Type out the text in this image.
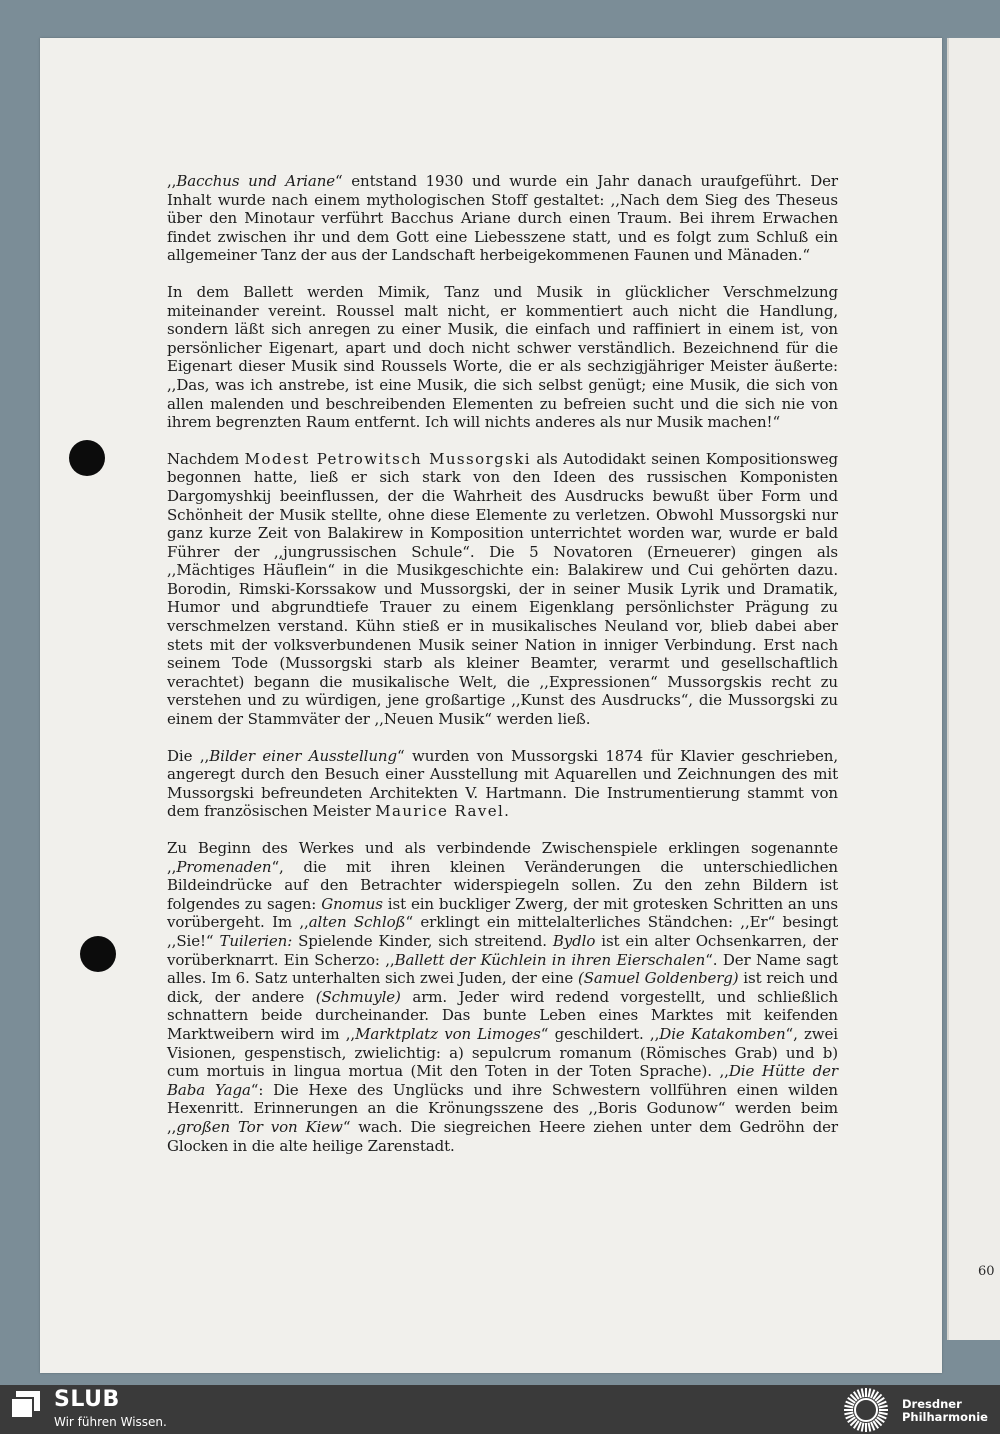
60

,,Bacchus und Ariane“ entstand 1930 und wurde ein Jahr danach uraufgeführt. Der Inhalt wurde nach einem mythologischen Stoff gestaltet: ,,Nach dem Sieg des Theseus über den Minotaur verführt Bacchus Ariane durch einen Traum. Bei ihrem Erwachen findet zwischen ihr und dem Gott eine Liebesszene statt, und es folgt zum Schluß ein allgemeiner Tanz der aus der Landschaft herbeigekommenen Faunen und Mänaden.“

In dem Ballett werden Mimik, Tanz und Musik in glücklicher Verschmelzung miteinander vereint. Roussel malt nicht, er kommentiert auch nicht die Handlung, sondern läßt sich anregen zu einer Musik, die einfach und raffiniert in einem ist, von persönlicher Eigenart, apart und doch nicht schwer verständlich. Bezeichnend für die Eigenart dieser Musik sind Roussels Worte, die er als sechzigjähriger Meister äußerte: ,,Das, was ich anstrebe, ist eine Musik, die sich selbst genügt; eine Musik, die sich von allen malenden und beschreibenden Elementen zu befreien sucht und die sich nie von ihrem begrenzten Raum entfernt. Ich will nichts anderes als nur Musik machen!“

Nachdem Modest Petrowitsch Mussorgski als Autodidakt seinen Kompositionsweg begonnen hatte, ließ er sich stark von den Ideen des russischen Komponisten Dargomyshkij beeinflussen, der die Wahrheit des Ausdrucks bewußt über Form und Schönheit der Musik stellte, ohne diese Elemente zu verletzen. Obwohl Mussorgski nur ganz kurze Zeit von Balakirew in Komposition unterrichtet worden war, wurde er bald Führer der ,,jungrussischen Schule“. Die 5 Novatoren (Erneuerer) gingen als ,,Mächtiges Häuflein“ in die Musikgeschichte ein: Balakirew und Cui gehörten dazu. Borodin, Rimski-Korssakow und Mussorgski, der in seiner Musik Lyrik und Dramatik, Humor und abgrundtiefe Trauer zu einem Eigenklang persönlichster Prägung zu verschmelzen verstand. Kühn stieß er in musikalisches Neuland vor, blieb dabei aber stets mit der volksverbundenen Musik seiner Nation in inniger Verbindung. Erst nach seinem Tode (Mussorgski starb als kleiner Beamter, verarmt und gesellschaftlich verachtet) begann die musikalische Welt, die ,,Expressionen“ Mussorgskis recht zu verstehen und zu würdigen, jene großartige ,,Kunst des Ausdrucks“, die Mussorgski zu einem der Stammväter der ,,Neuen Musik“ werden ließ.

Die ,,Bilder einer Ausstellung“ wurden von Mussorgski 1874 für Klavier geschrieben, angeregt durch den Besuch einer Ausstellung mit Aquarellen und Zeichnungen des mit Mussorgski befreundeten Architekten V. Hartmann. Die Instrumentierung stammt von dem französischen Meister Maurice Ravel.

Zu Beginn des Werkes und als verbindende Zwischenspiele erklingen sogenannte ,,Promenaden“, die mit ihren kleinen Veränderungen die unterschiedlichen Bildeindrücke auf den Betrachter widerspiegeln sollen. Zu den zehn Bildern ist folgendes zu sagen: Gnomus ist ein buckliger Zwerg, der mit grotesken Schritten an uns vorübergeht. Im ,,alten Schloß“ erklingt ein mittelalterliches Ständchen: ,,Er“ besingt ,,Sie!“ Tuilerien: Spielende Kinder, sich streitend. Bydlo ist ein alter Ochsenkarren, der vorüberknarrt. Ein Scherzo: ,,Ballett der Küchlein in ihren Eierschalen“. Der Name sagt alles. Im 6. Satz unterhalten sich zwei Juden, der eine (Samuel Goldenberg) ist reich und dick, der andere (Schmuyle) arm. Jeder wird redend vorgestellt, und schließlich schnattern beide durcheinander. Das bunte Leben eines Marktes mit keifenden Marktweibern wird im ,,Marktplatz von Limoges“ geschildert. ,,Die Katakomben“, zwei Visionen, gespenstisch, zwielichtig: a) sepulcrum romanum (Römisches Grab) und b) cum mortuis in lingua mortua (Mit den Toten in der Toten Sprache). ,,Die Hütte der Baba Yaga“: Die Hexe des Unglücks und ihre Schwestern vollführen einen wilden Hexenritt. Erinnerungen an die Krönungsszene des ,,Boris Godunow“ werden beim ,,großen Tor von Kiew“ wach. Die siegreichen Heere ziehen unter dem Gedröhn der Glocken in die alte heilige Zarenstadt.

SLUB
Wir führen Wissen.
Dresdner
Philharmonie
